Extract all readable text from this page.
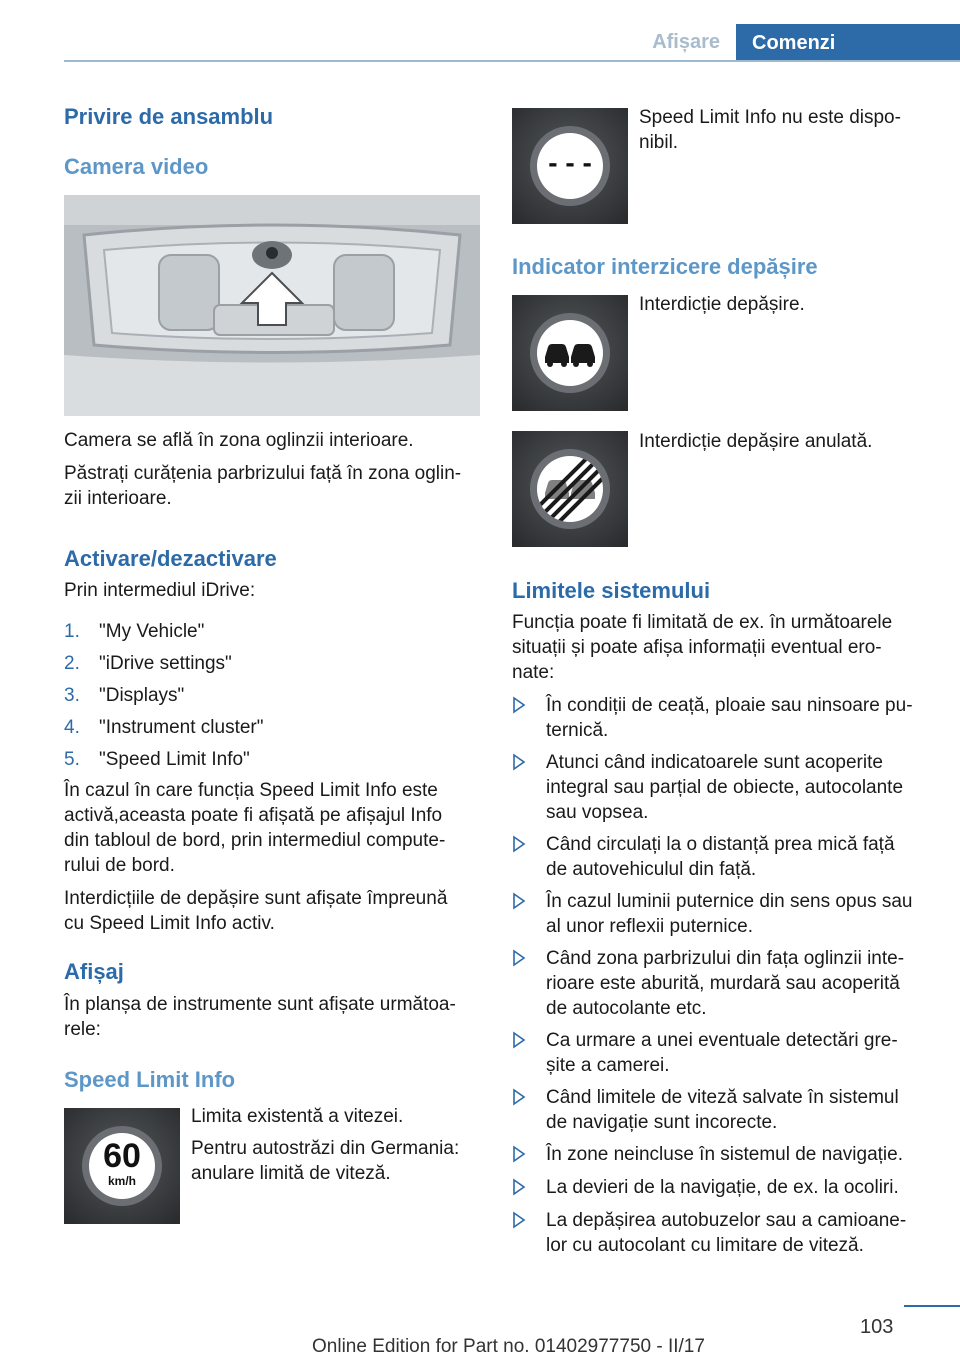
Afișare	Comenzi
Privire de ansamblu
Camera video
Camera se află în zona oglinzii interioare.
Păstrați curățenia parbrizului față în zona oglin-
zii interioare.
Activare/dezactivare
Prin intermediul iDrive:
1. "My Vehicle"
2. "iDrive settings"
3. "Displays"
4. "Instrument cluster"
5. "Speed Limit Info"
În cazul în care funcția Speed Limit Info este
activă,aceasta poate fi afișată pe afișajul Info
din tabloul de bord, prin intermediul compute-
rului de bord.
Interdicțiile de depășire sunt afișate împreună
cu Speed Limit Info activ.
Afișaj
În planșa de instrumente sunt afișate următoa-
rele:
Speed Limit Info
60
km/h
Limita existentă a vitezei.
Pentru autostrăzi din Germania:
anulare limită de viteză.
- - -
Speed Limit Info nu este dispo-
nibil.
Indicator interzicere depășire
Interdicție depășire.
Interdicție depășire anulată.
Limitele sistemului
Funcția poate fi limitată de ex. în următoarele
situații și poate afișa informații eventual ero-
nate:
În condiții de ceață, ploaie sau ninsoare pu-
ternică.
Atunci când indicatoarele sunt acoperite
integral sau parțial de obiecte, autocolante
sau vopsea.
Când circulați la o distanță prea mică față
de autovehiculul din față.
În cazul luminii puternice din sens opus sau
al unor reflexii puternice.
Când zona parbrizului din fața oglinzii inte-
rioare este aburită, murdară sau acoperită
de autocolante etc.
Ca urmare a unei eventuale detectări gre-
șite a camerei.
Când limitele de viteză salvate în sistemul
de navigație sunt incorecte.
În zone neincluse în sistemul de navigație.
La devieri de la navigație, de ex. la ocoliri.
La depășirea autobuzelor sau a camioane-
lor cu autocolant cu limitare de viteză.
103
Online Edition for Part no. 01402977750 - II/17
